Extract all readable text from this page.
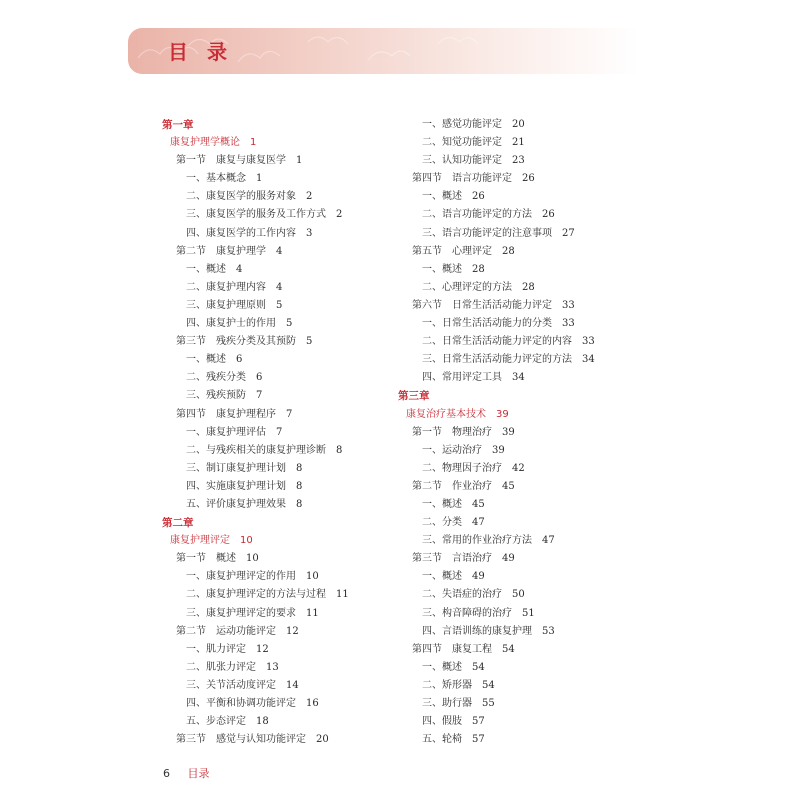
目 录
第一章
康复护理学概论 1
第一节　康复与康复医学 1
一、基本概念 1
二、康复医学的服务对象 2
三、康复医学的服务及工作方式 2
四、康复医学的工作内容 3
第二节　康复护理学 4
一、概述 4
二、康复护理内容 4
三、康复护理原则 5
四、康复护士的作用 5
第三节　残疾分类及其预防 5
一、概述 6
二、残疾分类 6
三、残疾预防 7
第四节　康复护理程序 7
一、康复护理评估 7
二、与残疾相关的康复护理诊断 8
三、制订康复护理计划 8
四、实施康复护理计划 8
五、评价康复护理效果 8
第二章
康复护理评定 10
第一节　概述 10
一、康复护理评定的作用 10
二、康复护理评定的方法与过程 11
三、康复护理评定的要求 11
第二节　运动功能评定 12
一、肌力评定 12
二、肌张力评定 13
三、关节活动度评定 14
四、平衡和协调功能评定 16
五、步态评定 18
第三节　感觉与认知功能评定 20
一、感觉功能评定 20
二、知觉功能评定 21
三、认知功能评定 23
第四节　语言功能评定 26
一、概述 26
二、语言功能评定的方法 26
三、语言功能评定的注意事项 27
第五节　心理评定 28
一、概述 28
二、心理评定的方法 28
第六节　日常生活活动能力评定 33
一、日常生活活动能力的分类 33
二、日常生活活动能力评定的内容 33
三、日常生活活动能力评定的方法 34
四、常用评定工具 34
第三章
康复治疗基本技术 39
第一节　物理治疗 39
一、运动治疗 39
二、物理因子治疗 42
第二节　作业治疗 45
一、概述 45
二、分类 47
三、常用的作业治疗方法 47
第三节　言语治疗 49
一、概述 49
二、失语症的治疗 50
三、构音障碍的治疗 51
四、言语训练的康复护理 53
第四节　康复工程 54
一、概述 54
二、矫形器 54
三、助行器 55
四、假肢 57
五、轮椅 57
6 目录
